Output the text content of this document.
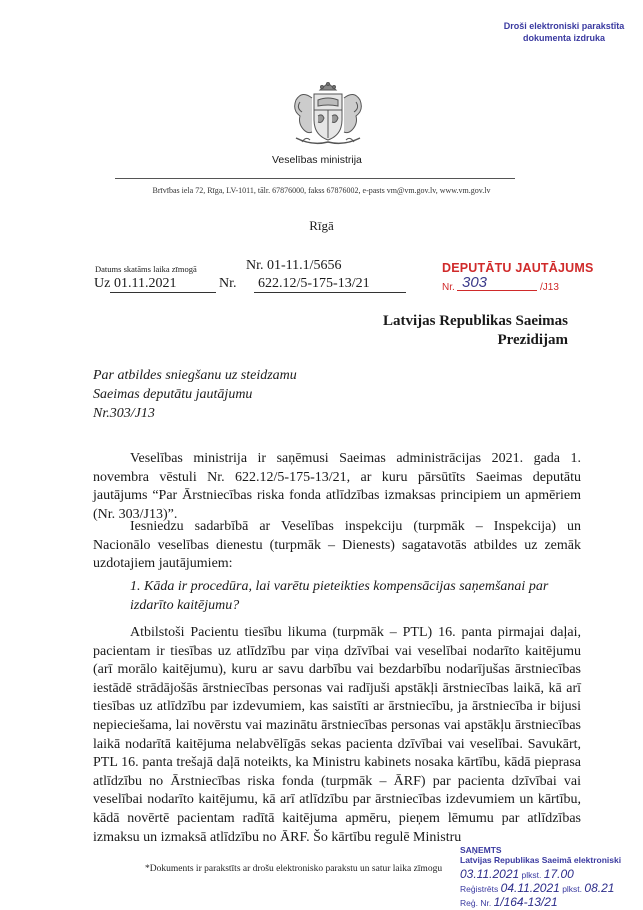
Droši elektroniski parakstīta
dokumenta izdruka
Veselības ministrija
Brīvības iela 72, Rīga, LV-1011, tālr. 67876000, fakss 67876002, e-pasts vm@vm.gov.lv, www.vm.gov.lv
Rīgā
Datums skatāms laika zīmogā	Nr. 01-11.1/5656
Uz 01.11.2021	Nr. 622.12/5-175-13/21
DEPUTĀTU JAUTĀJUMS
Nr. 303	/J13
Latvijas Republikas Saeimas
Prezidijam
Par atbildes sniegšanu uz steidzamu
Saeimas deputātu jautājumu
Nr.303/J13
Veselības ministrija ir saņēmusi Saeimas administrācijas 2021. gada 1. novembra vēstuli Nr. 622.12/5-175-13/21, ar kuru pārsūtīts Saeimas deputātu jautājums “Par Ārstniecības riska fonda atlīdzības izmaksas principiem un apmēriem (Nr. 303/J13)”.
Iesniedzu sadarbībā ar Veselības inspekciju (turpmāk – Inspekcija) un Nacionālo veselības dienestu (turpmāk – Dienests) sagatavotās atbildes uz zemāk uzdotajiem jautājumiem:
1. Kāda ir procedūra, lai varētu pieteikties kompensācijas saņemšanai par izdarīto kaitējumu?
Atbilstoši Pacientu tiesību likuma (turpmāk – PTL) 16. panta pirmajai daļai, pacientam ir tiesības uz atlīdzību par viņa dzīvībai vai veselībai nodarīto kaitējumu (arī morālo kaitējumu), kuru ar savu darbību vai bezdarbību nodarījušas ārstniecības iestādē strādājošās ārstniecības personas vai radījuši apstākļi ārstniecības laikā, kā arī tiesības uz atlīdzību par izdevumiem, kas saistīti ar ārstniecību, ja ārstniecība ir bijusi nepieciešama, lai novērstu vai mazinātu ārstniecības personas vai apstākļu ārstniecības laikā nodarītā kaitējuma nelabvēlīgās sekas pacienta dzīvībai vai veselībai. Savukārt, PTL 16. panta trešajā daļā noteikts, ka Ministru kabinets nosaka kārtību, kādā pieprasa atlīdzību no Ārstniecības riska fonda (turpmāk – ĀRF) par pacienta dzīvībai vai veselībai nodarīto kaitējumu, kā arī atlīdzību par ārstniecības izdevumiem un kārtību, kādā novērtē pacientam radītā kaitējuma apmēru, pieņem lēmumu par atlīdzības izmaksu un izmaksā atlīdzību no ĀRF. Šo kārtību regulē Ministru
*Dokuments ir parakstīts ar drošu elektronisko parakstu un satur laika zīmogu
SAŅEMTS
Latvijas Republikas Saeimā elektroniski
03.11.2021 plkst. 17.00
Reģistrēts 04.11.2021 plkst. 08.21
Reģ. Nr. 1/164-13/21
